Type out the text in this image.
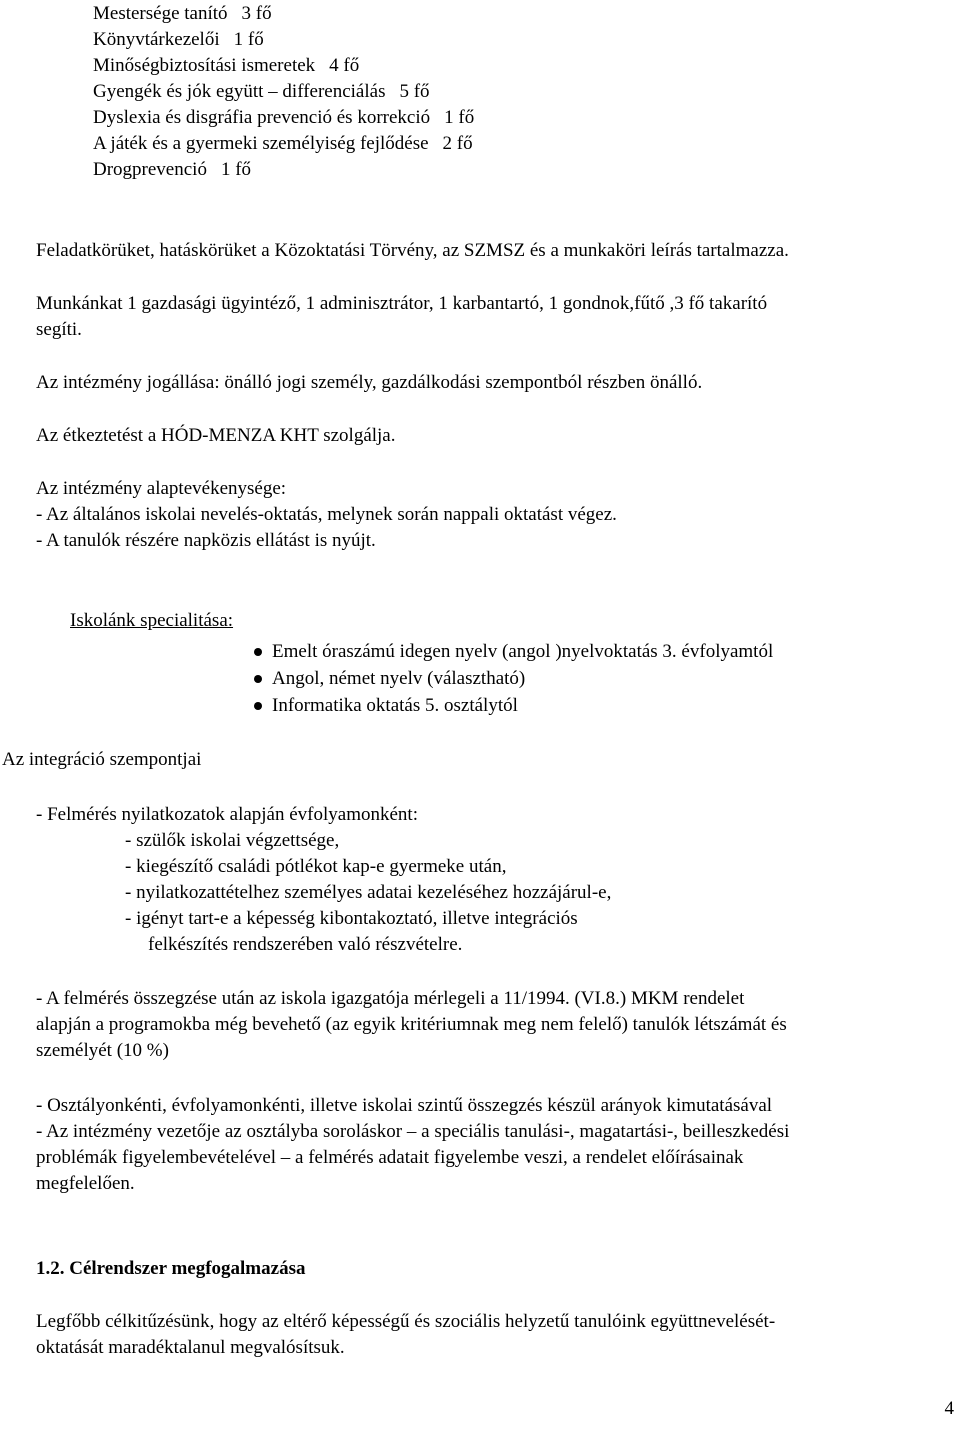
Mestersége tanító 3 fő
Könyvtárkezelői 1 fő
Minőségbiztosítási ismeretek 4 fő
Gyengék és jók együtt – differenciálás 5 fő
Dyslexia és disgráfia prevenció és korrekció 1 fő
A játék és a gyermeki személyiség fejlődése 2 fő
Drogprevenció 1 fő

Feladatkörüket, hatáskörüket a Közoktatási Törvény, az SZMSZ és a munkaköri leírás tartalmazza.

Munkánkat 1 gazdasági ügyintéző, 1 adminisztrátor, 1 karbantartó, 1 gondnok,fűtő ,3 fő takarító

segíti.

Az intézmény jogállása: önálló jogi személy, gazdálkodási szempontból részben önálló.

Az étkeztetést a HÓD-MENZA KHT szolgálja.

Az intézmény alaptevékenysége:

- Az általános iskolai nevelés-oktatás, melynek során nappali oktatást végez.

- A tanulók részére napközis ellátást is nyújt.

Iskolánk specialitása:

Emelt óraszámú idegen nyelv (angol )nyelvoktatás 3. évfolyamtól
Angol, német nyelv (választható)
Informatika oktatás 5. osztálytól

Az integráció szempontjai

- Felmérés nyilatkozatok alapján évfolyamonként:

- szülők iskolai végzettsége,

- kiegészítő családi pótlékot kap-e gyermeke után,

- nyilatkozattételhez személyes adatai kezeléséhez hozzájárul-e,

- igényt tart-e a képesség kibontakoztató, illetve integrációs

felkészítés rendszerében való részvételre.

- A felmérés összegzése után az iskola igazgatója mérlegeli a 11/1994. (VI.8.) MKM rendelet

alapján a programokba még bevehető (az egyik kritériumnak meg nem felelő) tanulók létszámát és

személyét (10 %)

- Osztályonkénti, évfolyamonkénti, illetve iskolai szintű összegzés készül arányok kimutatásával

- Az intézmény vezetője az osztályba soroláskor – a speciális tanulási-, magatartási-, beilleszkedési

problémák figyelembevételével – a felmérés adatait figyelembe veszi, a rendelet előírásainak

megfelelően.

1.2. Célrendszer megfogalmazása

Legfőbb célkitűzésünk, hogy az eltérő képességű és szociális helyzetű tanulóink együttnevelését-

oktatását maradéktalanul megvalósítsuk.

4
